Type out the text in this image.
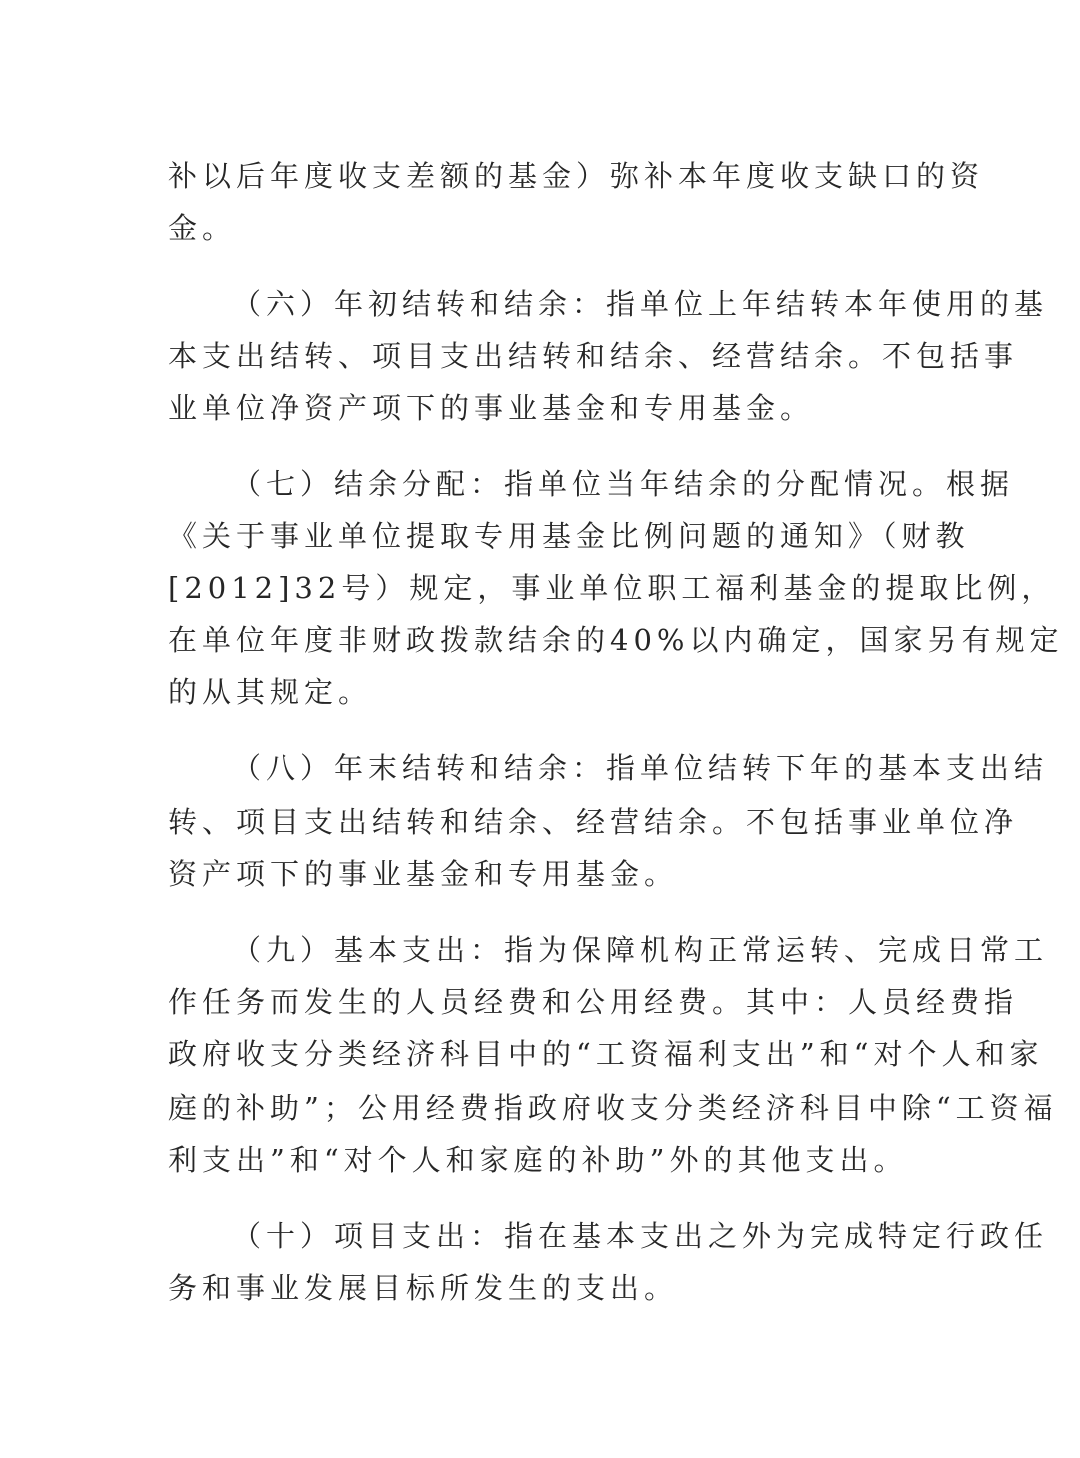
补以后年度收支差额的基金）弥补本年度收支缺口的资
金。
（六）年初结转和结余：指单位上年结转本年使用的基
本支出结转、项目支出结转和结余、经营结余。不包括事
业单位净资产项下的事业基金和专用基金。
（七）结余分配：指单位当年结余的分配情况。根据
《关于事业单位提取专用基金比例问题的通知》（财教
[2012]32号）规定，事业单位职工福利基金的提取比例，
在单位年度非财政拨款结余的40%以内确定，国家另有规定
的从其规定。
（八）年末结转和结余：指单位结转下年的基本支出结
转、项目支出结转和结余、经营结余。不包括事业单位净
资产项下的事业基金和专用基金。
（九）基本支出：指为保障机构正常运转、完成日常工
作任务而发生的人员经费和公用经费。其中：人员经费指
政府收支分类经济科目中的“工资福利支出”和“对个人和家
庭的补助”；公用经费指政府收支分类经济科目中除“工资福
利支出”和“对个人和家庭的补助”外的其他支出。
（十）项目支出：指在基本支出之外为完成特定行政任
务和事业发展目标所发生的支出。
